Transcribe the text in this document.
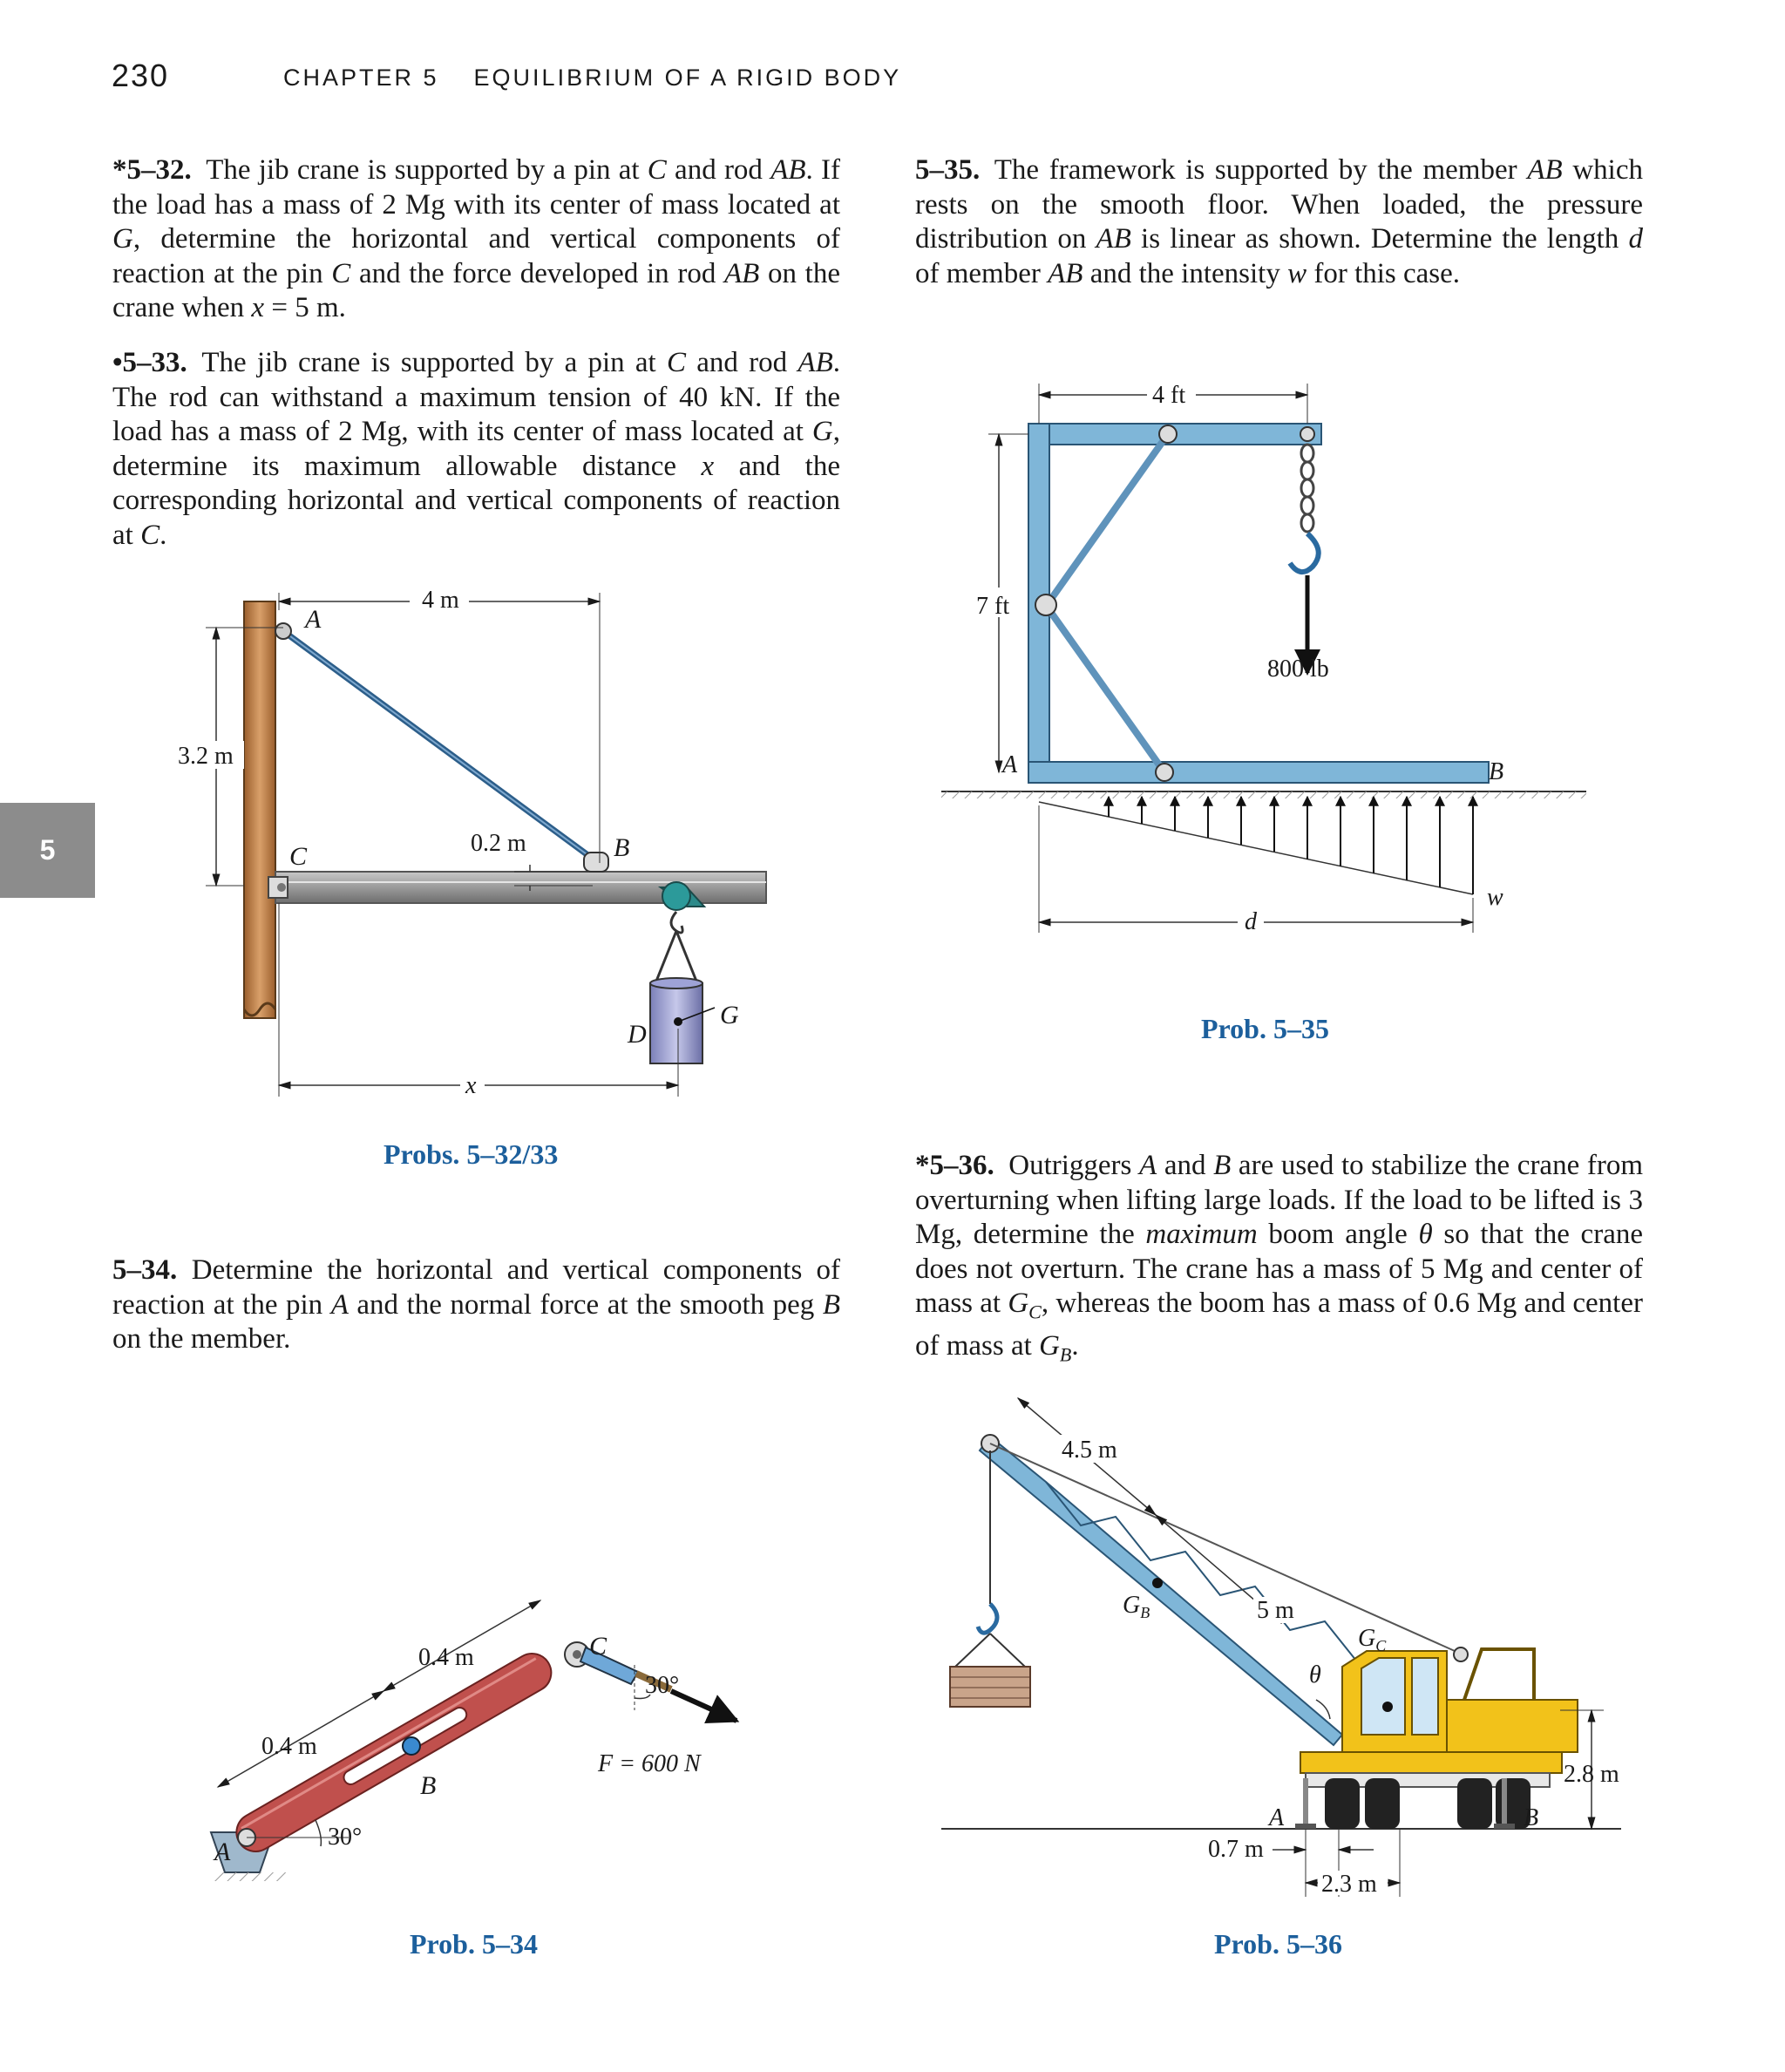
230	CHAPTER 5 EQUILIBRIUM OF A RIGID BODY
5
*5–32.  The jib crane is supported by a pin at C and rod AB. If the load has a mass of 2 Mg with its center of mass located at G, determine the horizontal and vertical components of reaction at the pin C and the force developed in rod AB on the crane when x = 5 m.
•5–33.  The jib crane is supported by a pin at C and rod AB. The rod can withstand a maximum tension of 40 kN. If the load has a mass of 2 Mg, with its center of mass located at G, determine its maximum allowable distance x and the corresponding horizontal and vertical components of reaction at C.
5–34.  Determine the horizontal and vertical components of reaction at the pin A and the normal force at the smooth peg B on the member.
5–35.  The framework is supported by the member AB which rests on the smooth floor. When loaded, the pressure distribution on AB is linear as shown. Determine the length d of member AB and the intensity w for this case.
*5–36.  Outriggers A and B are used to stabilize the crane from overturning when lifting large loads. If the load to be lifted is 3 Mg, determine the maximum boom angle θ so that the crane does not overturn. The crane has a mass of 5 Mg and center of mass at $G_C$, whereas the boom has a mass of 0.6 Mg and center of mass at $G_B$.
Probs. 5–32/33
Prob. 5–34
Prob. 5–35
Prob. 5–36
4 m
3.2 m
0.2 m
x
A
B
C
D
G
0.4 m
0.4 m
30°
30°
F = 600 N
A
B
C
800 lb
4 ft
7 ft
d
A	B
w
4.5 m
5 m
θ
$G_B$
$G_C$
2.8 m
0.7 m
2.3 m
A	B
